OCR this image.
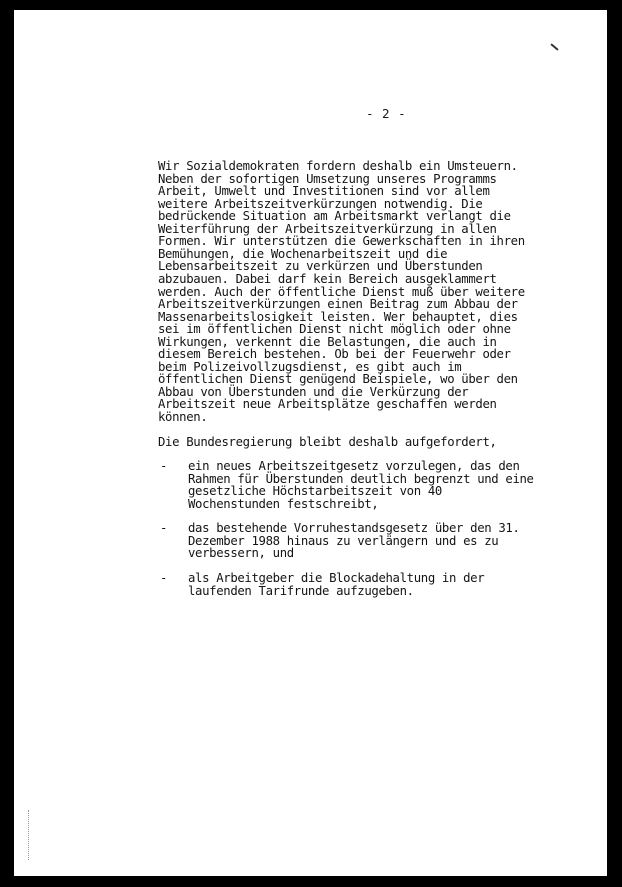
- 2 -
Wir Sozialdemokraten fordern deshalb ein Umsteuern.
Neben der sofortigen Umsetzung unseres Programms
Arbeit, Umwelt und Investitionen sind vor allem
weitere Arbeitszeitverkürzungen notwendig. Die
bedrückende Situation am Arbeitsmarkt verlangt die
Weiterführung der Arbeitszeitverkürzung in allen
Formen. Wir unterstützen die Gewerkschaften in ihren
Bemühungen, die Wochenarbeitszeit und die
Lebensarbeitszeit zu verkürzen und Überstunden
abzubauen. Dabei darf kein Bereich ausgeklammert
werden. Auch der öffentliche Dienst muß über weitere
Arbeitszeitverkürzungen einen Beitrag zum Abbau der
Massenarbeitslosigkeit leisten. Wer behauptet, dies
sei im öffentlichen Dienst nicht möglich oder ohne
Wirkungen, verkennt die Belastungen, die auch in
diesem Bereich bestehen. Ob bei der Feuerwehr oder
beim Polizeivollzugsdienst, es gibt auch im
öffentlichen Dienst genügend Beispiele, wo über den
Abbau von Überstunden und die Verkürzung der
Arbeitszeit neue Arbeitsplätze geschaffen werden
können.
Die Bundesregierung bleibt deshalb aufgefordert,
- ein neues Arbeitszeitgesetz vorzulegen, das den
Rahmen für Überstunden deutlich begrenzt und eine
gesetzliche Höchstarbeitszeit von 40
Wochenstunden festschreibt,
- das bestehende Vorruhestandsgesetz über den 31.
Dezember 1988 hinaus zu verlängern und es zu
verbessern, und
- als Arbeitgeber die Blockadehaltung in der
laufenden Tarifrunde aufzugeben.
